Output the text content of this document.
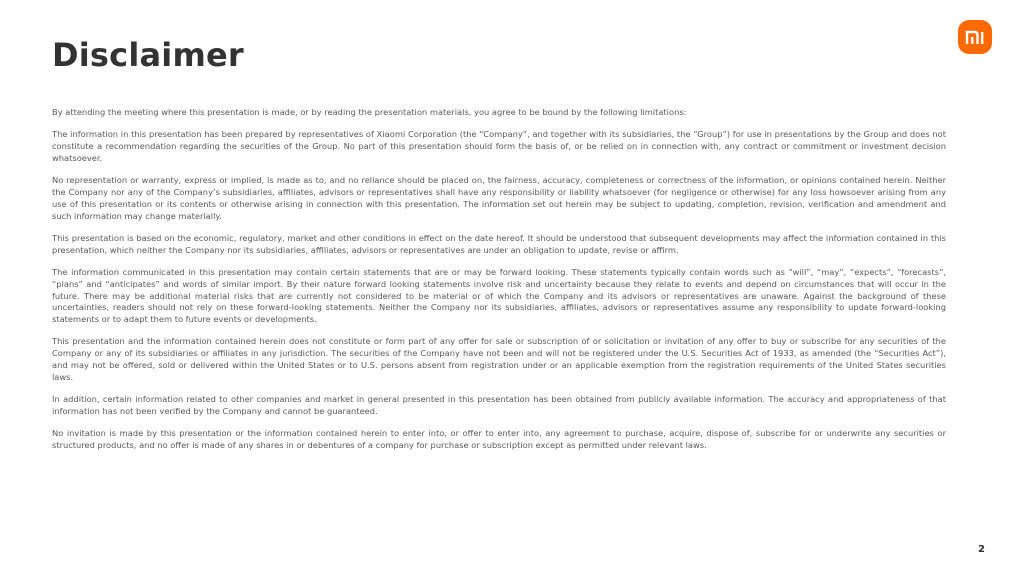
Disclaimer

By attending the meeting where this presentation is made, or by reading the presentation materials, you agree to be bound by the following limitations:

The information in this presentation has been prepared by representatives of Xiaomi Corporation (the “Company”, and together with its subsidiaries, the “Group”) for use in presentations by the Group and does not constitute a recommendation regarding the securities of the Group. No part of this presentation should form the basis of, or be relied on in connection with, any contract or commitment or investment decision whatsoever.

No representation or warranty, express or implied, is made as to, and no reliance should be placed on, the fairness, accuracy, completeness or correctness of the information, or opinions contained herein. Neither the Company nor any of the Company’s subsidiaries, affiliates, advisors or representatives shall have any responsibility or liability whatsoever (for negligence or otherwise) for any loss howsoever arising from any use of this presentation or its contents or otherwise arising in connection with this presentation. The information set out herein may be subject to updating, completion, revision, verification and amendment and such information may change materially.

This presentation is based on the economic, regulatory, market and other conditions in effect on the date hereof. It should be understood that subsequent developments may affect the information contained in this presentation, which neither the Company nor its subsidiaries, affiliates, advisors or representatives are under an obligation to update, revise or affirm.

The information communicated in this presentation may contain certain statements that are or may be forward looking. These statements typically contain words such as “will”, “may”, “expects”, “forecasts”, “plans” and “anticipates” and words of similar import. By their nature forward looking statements involve risk and uncertainty because they relate to events and depend on circumstances that will occur in the future. There may be additional material risks that are currently not considered to be material or of which the Company and its advisors or representatives are unaware. Against the background of these uncertainties, readers should not rely on these forward-looking statements. Neither the Company nor its subsidiaries, affiliates, advisors or representatives assume any responsibility to update forward-looking statements or to adapt them to future events or developments.

This presentation and the information contained herein does not constitute or form part of any offer for sale or subscription of or solicitation or invitation of any offer to buy or subscribe for any securities of the Company or any of its subsidiaries or affiliates in any jurisdiction. The securities of the Company have not been and will not be registered under the U.S. Securities Act of 1933, as amended (the “Securities Act”), and may not be offered, sold or delivered within the United States or to U.S. persons absent from registration under or an applicable exemption from the registration requirements of the United States securities laws.

In addition, certain information related to other companies and market in general presented in this presentation has been obtained from publicly available information. The accuracy and appropriateness of that information has not been verified by the Company and cannot be guaranteed.

No invitation is made by this presentation or the information contained herein to enter into, or offer to enter into, any agreement to purchase, acquire, dispose of, subscribe for or underwrite any securities or structured products, and no offer is made of any shares in or debentures of a company for purchase or subscription except as permitted under relevant laws.

2
